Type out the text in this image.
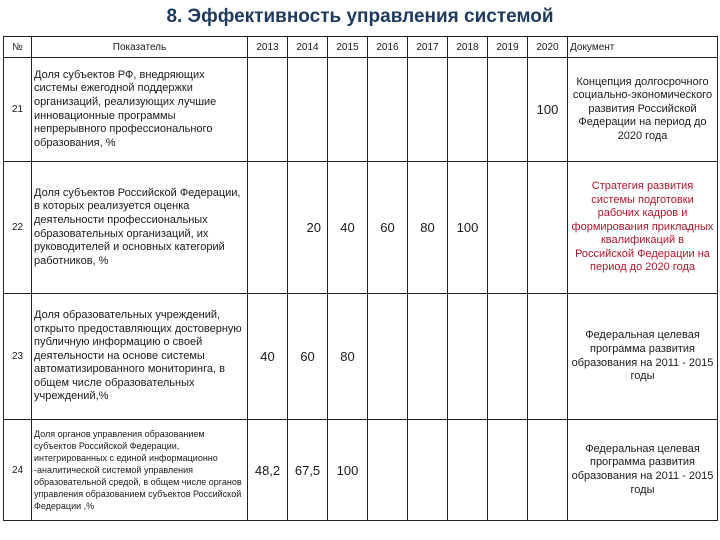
8. Эффективность управления системой
№	Показатель	2013	2014	2015	2016	2017	2018	2019	2020	Документ
21	Доля субъектов РФ, внедряющих системы ежегодной поддержки организаций, реализующих лучшие инновационные программы непрерывного профессионального образования, %								100	Концепция долгосрочного социально-экономического развития Российской Федерации на период до 2020 года
22	Доля субъектов Российской Федерации, в которых реализуется оценка деятельности профессиональных образовательных организаций, их руководителей и основных категорий работников, %		20	40	60	80	100			Стратегия развития системы подготовки рабочих кадров и формирования прикладных квалификаций в Российской Федерации на период до 2020 года
23	Доля образовательных учреждений, открыто предоставляющих достоверную публичную информацию о своей деятельности на основе системы автоматизированного мониторинга, в общем числе образовательных учреждений,%	40	60	80						Федеральная целевая программа развития образования на 2011 - 2015 годы
24	Доля органов управления образованием субъектов Российской Федерации, интегрированных с единой информационно -аналитической системой управления образовательной средой, в общем числе органов управления образованием субъектов Российской Федерации ,%	48,2	67,5	100						Федеральная целевая программа развития образования на 2011 - 2015 годы
